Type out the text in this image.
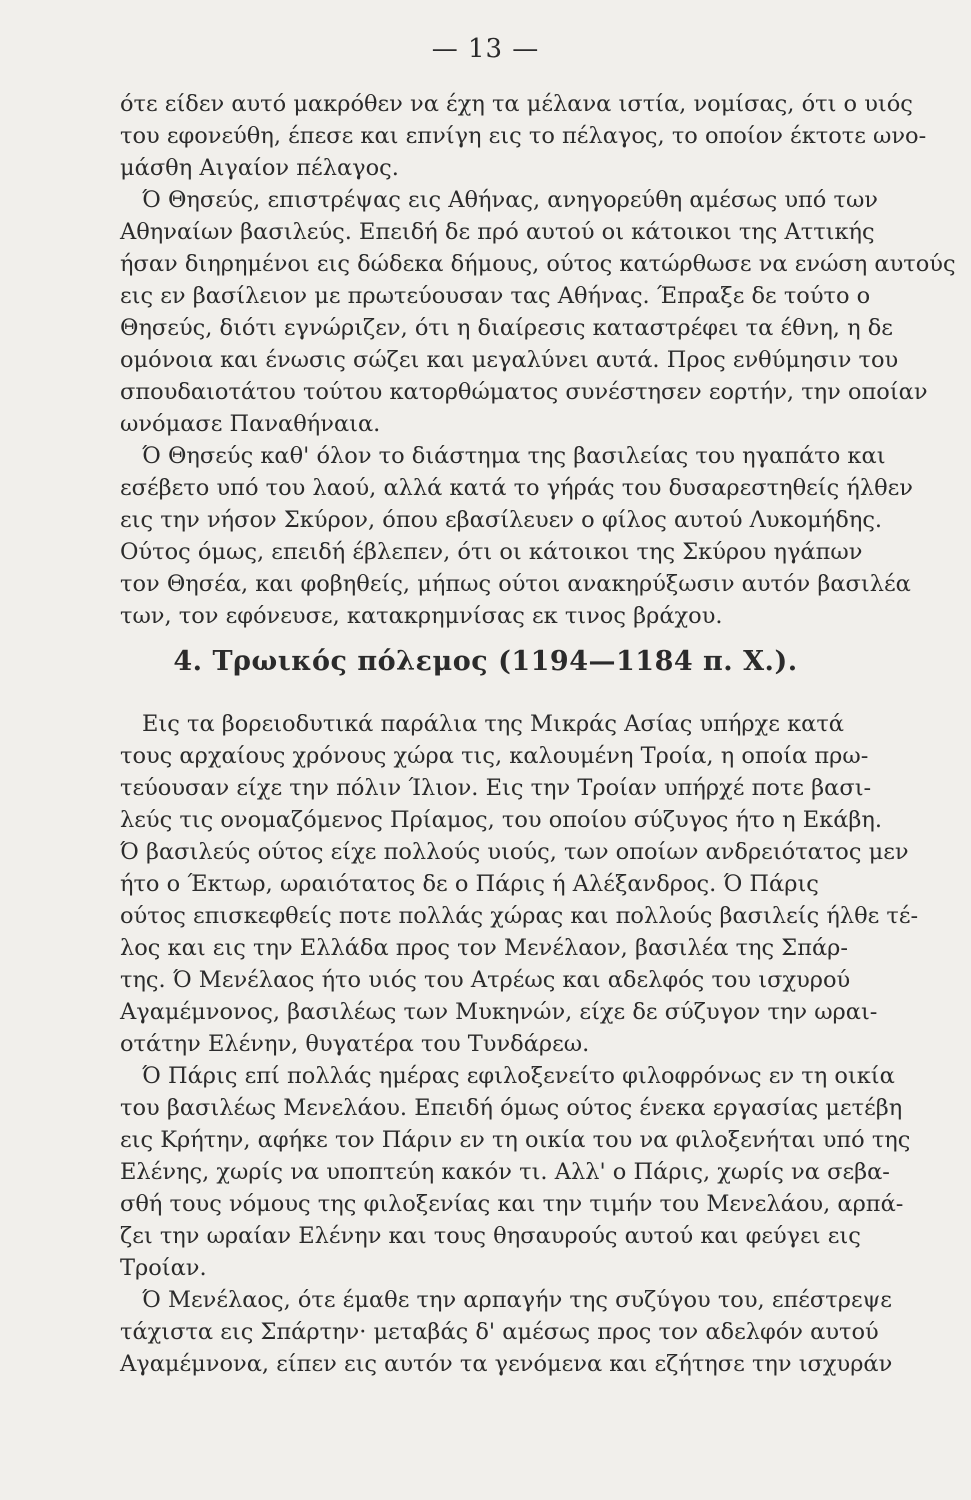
— 13 —
ότε είδεν αυτό μακρόθεν να έχη τα μέλανα ιστία, νομίσας, ότι ο υιός
του εφονεύθη, έπεσε και επνίγη εις το πέλαγος, το οποίον έκτοτε ωνο-
μάσθη Αιγαίον πέλαγος.
Ό Θησεύς, επιστρέψας εις Αθήνας, ανηγορεύθη αμέσως υπό των
Αθηναίων βασιλεύς. Επειδή δε πρό αυτού οι κάτοικοι της Αττικής
ήσαν διηρημένοι εις δώδεκα δήμους, ούτος κατώρθωσε να ενώση αυτούς
εις εν βασίλειον με πρωτεύουσαν τας Αθήνας. Έπραξε δε τούτο ο
Θησεύς, διότι εγνώριζεν, ότι η διαίρεσις καταστρέφει τα έθνη, η δε
ομόνοια και ένωσις σώζει και μεγαλύνει αυτά. Προς ενθύμησιν του
σπουδαιοτάτου τούτου κατορθώματος συνέστησεν εορτήν, την οποίαν
ωνόμασε Παναθήναια.
Ό Θησεύς καθ' όλον το διάστημα της βασιλείας του ηγαπάτο και
εσέβετο υπό του λαού, αλλά κατά το γήράς του δυσαρεστηθείς ήλθεν
εις την νήσον Σκύρον, όπου εβασίλευεν ο φίλος αυτού Λυκομήδης.
Ούτος όμως, επειδή έβλεπεν, ότι οι κάτοικοι της Σκύρου ηγάπων
τον Θησέα, και φοβηθείς, μήπως ούτοι ανακηρύξωσιν αυτόν βασιλέα
των, τον εφόνευσε, κατακρημνίσας εκ τινος βράχου.
4. Τρωικός πόλεμος (1194—1184 π. Χ.).
Εις τα βορειοδυτικά παράλια της Μικράς Ασίας υπήρχε κατά
τους αρχαίους χρόνους χώρα τις, καλουμένη Τροία, η οποία πρω-
τεύουσαν είχε την πόλιν Ίλιον. Εις την Τροίαν υπήρχέ ποτε βασι-
λεύς τις ονομαζόμενος Πρίαμος, του οποίου σύζυγος ήτο η Εκάβη.
Ό βασιλεύς ούτος είχε πολλούς υιούς, των οποίων ανδρειότατος μεν
ήτο ο Έκτωρ, ωραιότατος δε ο Πάρις ή Αλέξανδρος. Ό Πάρις
ούτος επισκεφθείς ποτε πολλάς χώρας και πολλούς βασιλείς ήλθε τέ-
λος και εις την Ελλάδα προς τον Μενέλαον, βασιλέα της Σπάρ-
της. Ό Μενέλαος ήτο υιός του Ατρέως και αδελφός του ισχυρού
Αγαμέμνονος, βασιλέως των Μυκηνών, είχε δε σύζυγον την ωραι-
οτάτην Ελένην, θυγατέρα του Τυνδάρεω.
Ό Πάρις επί πολλάς ημέρας εφιλοξενείτο φιλοφρόνως εν τη οικία
του βασιλέως Μενελάου. Επειδή όμως ούτος ένεκα εργασίας μετέβη
εις Κρήτην, αφήκε τον Πάριν εν τη οικία του να φιλοξενήται υπό της
Ελένης, χωρίς να υποπτεύη κακόν τι. Αλλ' ο Πάρις, χωρίς να σεβα-
σθή τους νόμους της φιλοξενίας και την τιμήν του Μενελάου, αρπά-
ζει την ωραίαν Ελένην και τους θησαυρούς αυτού και φεύγει εις
Τροίαν.
Ό Μενέλαος, ότε έμαθε την αρπαγήν της συζύγου του, επέστρεψε
τάχιστα εις Σπάρτην· μεταβάς δ' αμέσως προς τον αδελφόν αυτού
Αγαμέμνονα, είπεν εις αυτόν τα γενόμενα και εζήτησε την ισχυράν
